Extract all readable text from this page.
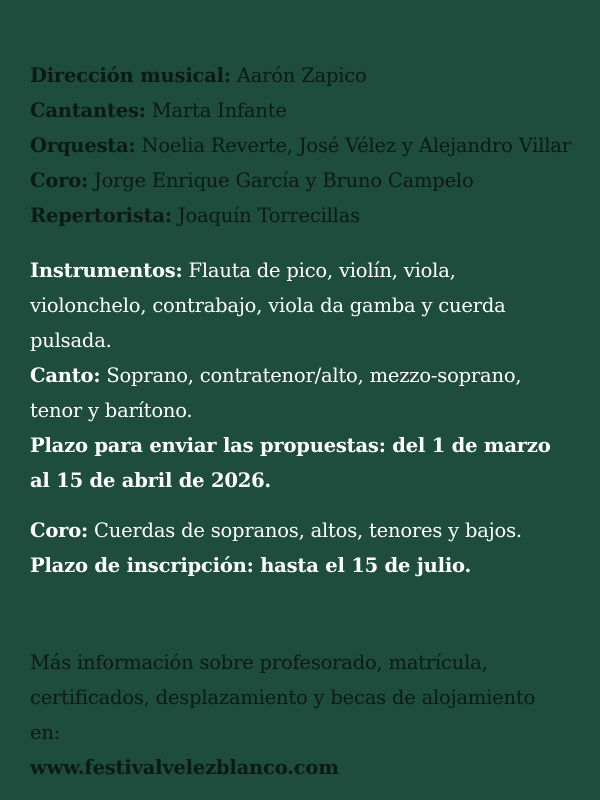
Dirección musical: Aarón Zapico
Cantantes: Marta Infante
Orquesta: Noelia Reverte, José Vélez y Alejandro Villar
Coro: Jorge Enrique García y Bruno Campelo
Repertorista: Joaquín Torrecillas
Instrumentos: Flauta de pico, violín, viola, violonchelo, contrabajo, viola da gamba y cuerda pulsada.
Canto: Soprano, contratenor/alto, mezzo-soprano, tenor y barítono.
Plazo para enviar las propuestas: del 1 de marzo al 15 de abril de 2026.
Coro: Cuerdas de sopranos, altos, tenores y bajos.
Plazo de inscripción: hasta el 15 de julio.
Más información sobre profesorado, matrícula, certificados, desplazamiento y becas de alojamiento en:
www.festivalvelezblanco.com
